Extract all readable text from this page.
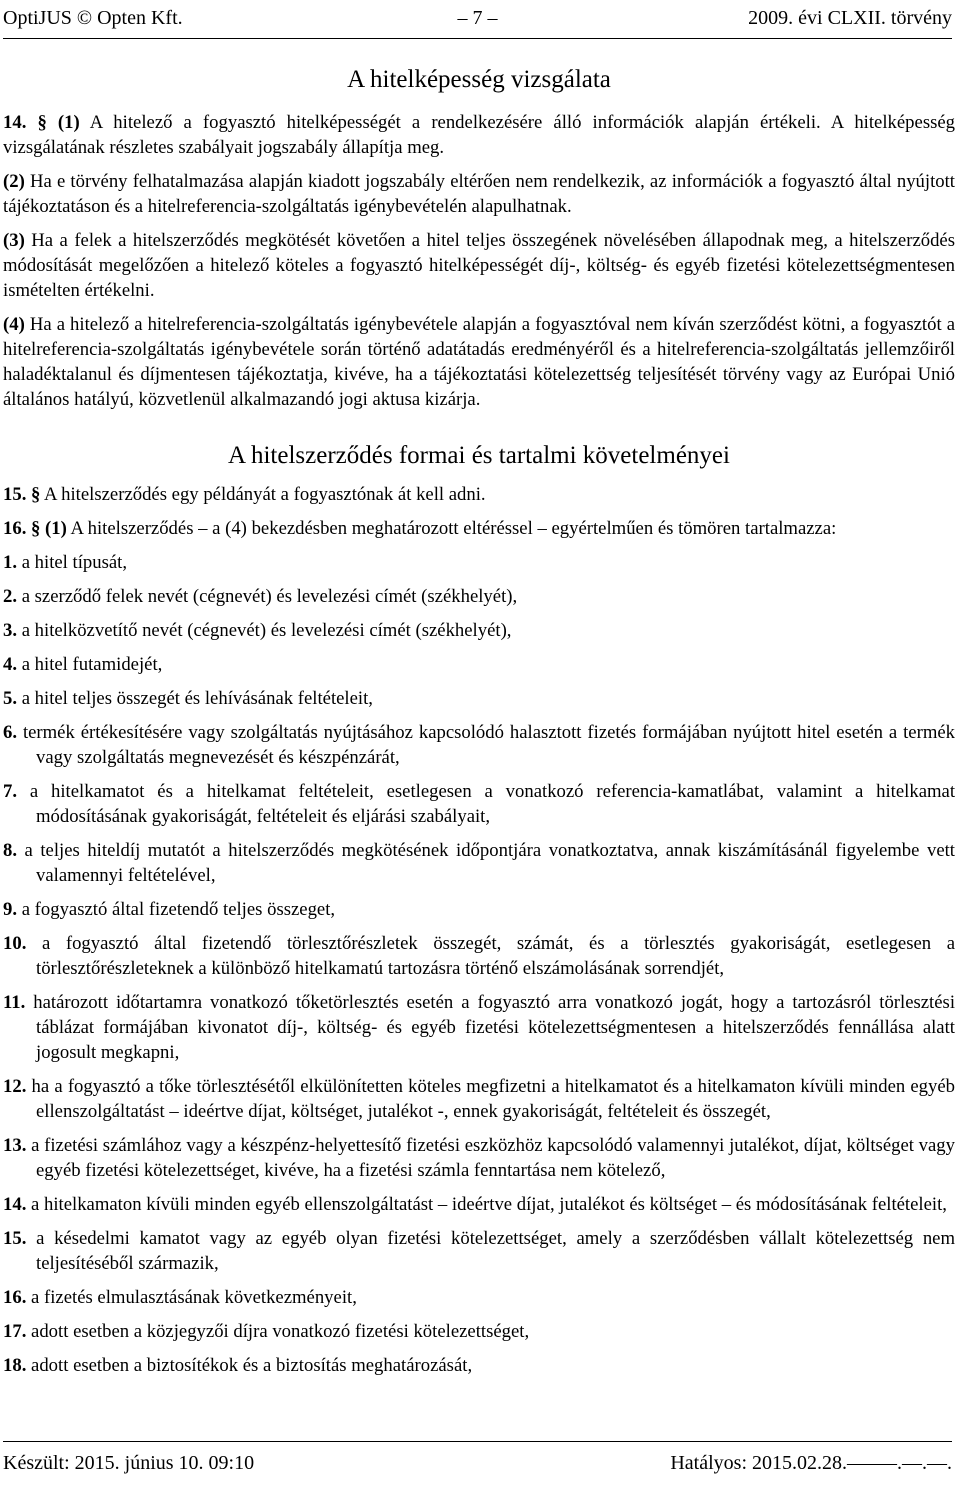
OptiJUS © Opten Kft.	– 7 –	2009. évi CLXII. törvény
A hitelképesség vizsgálata

14. § (1) A hitelező a fogyasztó hitelképességét a rendelkezésére álló információk alapján értékeli. A hitelképesség vizsgálatának részletes szabályait jogszabály állapítja meg.

(2) Ha e törvény felhatalmazása alapján kiadott jogszabály eltérően nem rendelkezik, az információk a fogyasztó által nyújtott tájékoztatáson és a hitelreferencia-szolgáltatás igénybevételén alapulhatnak.

(3) Ha a felek a hitelszerződés megkötését követően a hitel teljes összegének növelésében állapodnak meg, a hitelszerződés módosítását megelőzően a hitelező köteles a fogyasztó hitelképességét díj-, költség- és egyéb fizetési kötelezettségmentesen ismételten értékelni.

(4) Ha a hitelező a hitelreferencia-szolgáltatás igénybevétele alapján a fogyasztóval nem kíván szerződést kötni, a fogyasztót a hitelreferencia-szolgáltatás igénybevétele során történő adatátadás eredményéről és a hitelreferencia-szolgáltatás jellemzőiről haladéktalanul és díjmentesen tájékoztatja, kivéve, ha a tájékoztatási kötelezettség teljesítését törvény vagy az Európai Unió általános hatályú, közvetlenül alkalmazandó jogi aktusa kizárja.

A hitelszerződés formai és tartalmi követelményei

15. § A hitelszerződés egy példányát a fogyasztónak át kell adni.

16. § (1) A hitelszerződés – a (4) bekezdésben meghatározott eltéréssel – egyértelműen és tömören tartalmazza:

1. a hitel típusát,
2. a szerződő felek nevét (cégnevét) és levelezési címét (székhelyét),
3. a hitelközvetítő nevét (cégnevét) és levelezési címét (székhelyét),
4. a hitel futamidejét,
5. a hitel teljes összegét és lehívásának feltételeit,
6. termék értékesítésére vagy szolgáltatás nyújtásához kapcsolódó halasztott fizetés formájában nyújtott hitel esetén a termék vagy szolgáltatás megnevezését és készpénzárát,
7. a hitelkamatot és a hitelkamat feltételeit, esetlegesen a vonatkozó referencia-kamatlábat, valamint a hitelkamat módosításának gyakoriságát, feltételeit és eljárási szabályait,
8. a teljes hiteldíj mutatót a hitelszerződés megkötésének időpontjára vonatkoztatva, annak kiszámításánál figyelembe vett valamennyi feltételével,
9. a fogyasztó által fizetendő teljes összeget,
10. a fogyasztó által fizetendő törlesztőrészletek összegét, számát, és a törlesztés gyakoriságát, esetlegesen a törlesztőrészleteknek a különböző hitelkamatú tartozásra történő elszámolásának sorrendjét,
11. határozott időtartamra vonatkozó tőketörlesztés esetén a fogyasztó arra vonatkozó jogát, hogy a tartozásról törlesztési táblázat formájában kivonatot díj-, költség- és egyéb fizetési kötelezettségmentesen a hitelszerződés fennállása alatt jogosult megkapni,
12. ha a fogyasztó a tőke törlesztésétől elkülönítetten köteles megfizetni a hitelkamatot és a hitelkamaton kívüli minden egyéb ellenszolgáltatást – ideértve díjat, költséget, jutalékot -, ennek gyakoriságát, feltételeit és összegét,
13. a fizetési számlához vagy a készpénz-helyettesítő fizetési eszközhöz kapcsolódó valamennyi jutalékot, díjat, költséget vagy egyéb fizetési kötelezettséget, kivéve, ha a fizetési számla fenntartása nem kötelező,
14. a hitelkamaton kívüli minden egyéb ellenszolgáltatást – ideértve díjat, jutalékot és költséget – és módosításának feltételeit,
15. a késedelmi kamatot vagy az egyéb olyan fizetési kötelezettséget, amely a szerződésben vállalt kötelezettség nem teljesítéséből származik,
16. a fizetés elmulasztásának következményeit,
17. adott esetben a közjegyzői díjra vonatkozó fizetési kötelezettséget,
18. adott esetben a biztosítékok és a biztosítás meghatározását,
Készült: 2015. június 10. 09:10	Hatályos: 2015.02.28.–––––.––.––.
